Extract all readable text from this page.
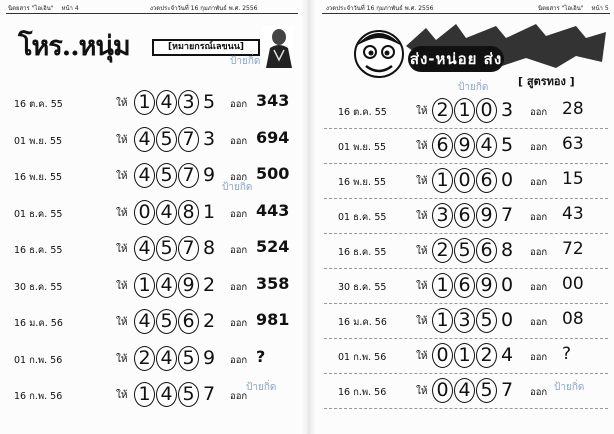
นิตยสาร "ไอเอิน" หน้า 4	งวดประจำวันที่ 16 กุมภาพันธ์ พ.ศ. 2556
โหร..หนุ่ม	[หมายกรณ์เลขนน]
ป้ายกิ่ด
ป้ายกิ่ด
ป้ายกิ่ด
16 ต.ค. 55	ให้ 1 4 3 5	ออก 343
01 พ.ย. 55	ให้ 4 5 7 3	ออก 694
16 พ.ย. 55	ให้ 4 5 7 9	ออก 500
01 ธ.ค. 55	ให้ 0 4 8 1	ออก 443
16 ธ.ค. 55	ให้ 4 5 7 8	ออก 524
30 ธ.ค. 55	ให้ 1 4 9 2	ออก 358
16 ม.ค. 56	ให้ 4 5 6 2	ออก 981
01 ก.พ. 56	ให้ 2 4 5 9	ออก ?
16 ก.พ. 56	ให้ 1 4 5 7	ออก
งวดประจำวันที่ 16 กุมภาพันธ์ พ.ศ. 2556	นิตยสาร "ไอเอิน" หน้า 5
ส่ง-หน่อย ส่ง
[ สูตรทอง ]
ป้ายกิ่ด
ป้ายกิ่ด
16 ต.ค. 55	ให้ 2 1 0 3	ออก 28
01 พ.ย. 55	ให้ 6 9 4 5	ออก 63
16 พ.ย. 55	ให้ 1 0 6 0	ออก 15
01 ธ.ค. 55	ให้ 3 6 9 7	ออก 43
16 ธ.ค. 55	ให้ 2 5 6 8	ออก 72
30 ธ.ค. 55	ให้ 1 6 9 0	ออก 00
16 ม.ค. 56	ให้ 1 3 5 0	ออก 08
01 ก.พ. 56	ให้ 0 1 2 4	ออก ?
16 ก.พ. 56	ให้ 0 4 5 7	ออก
